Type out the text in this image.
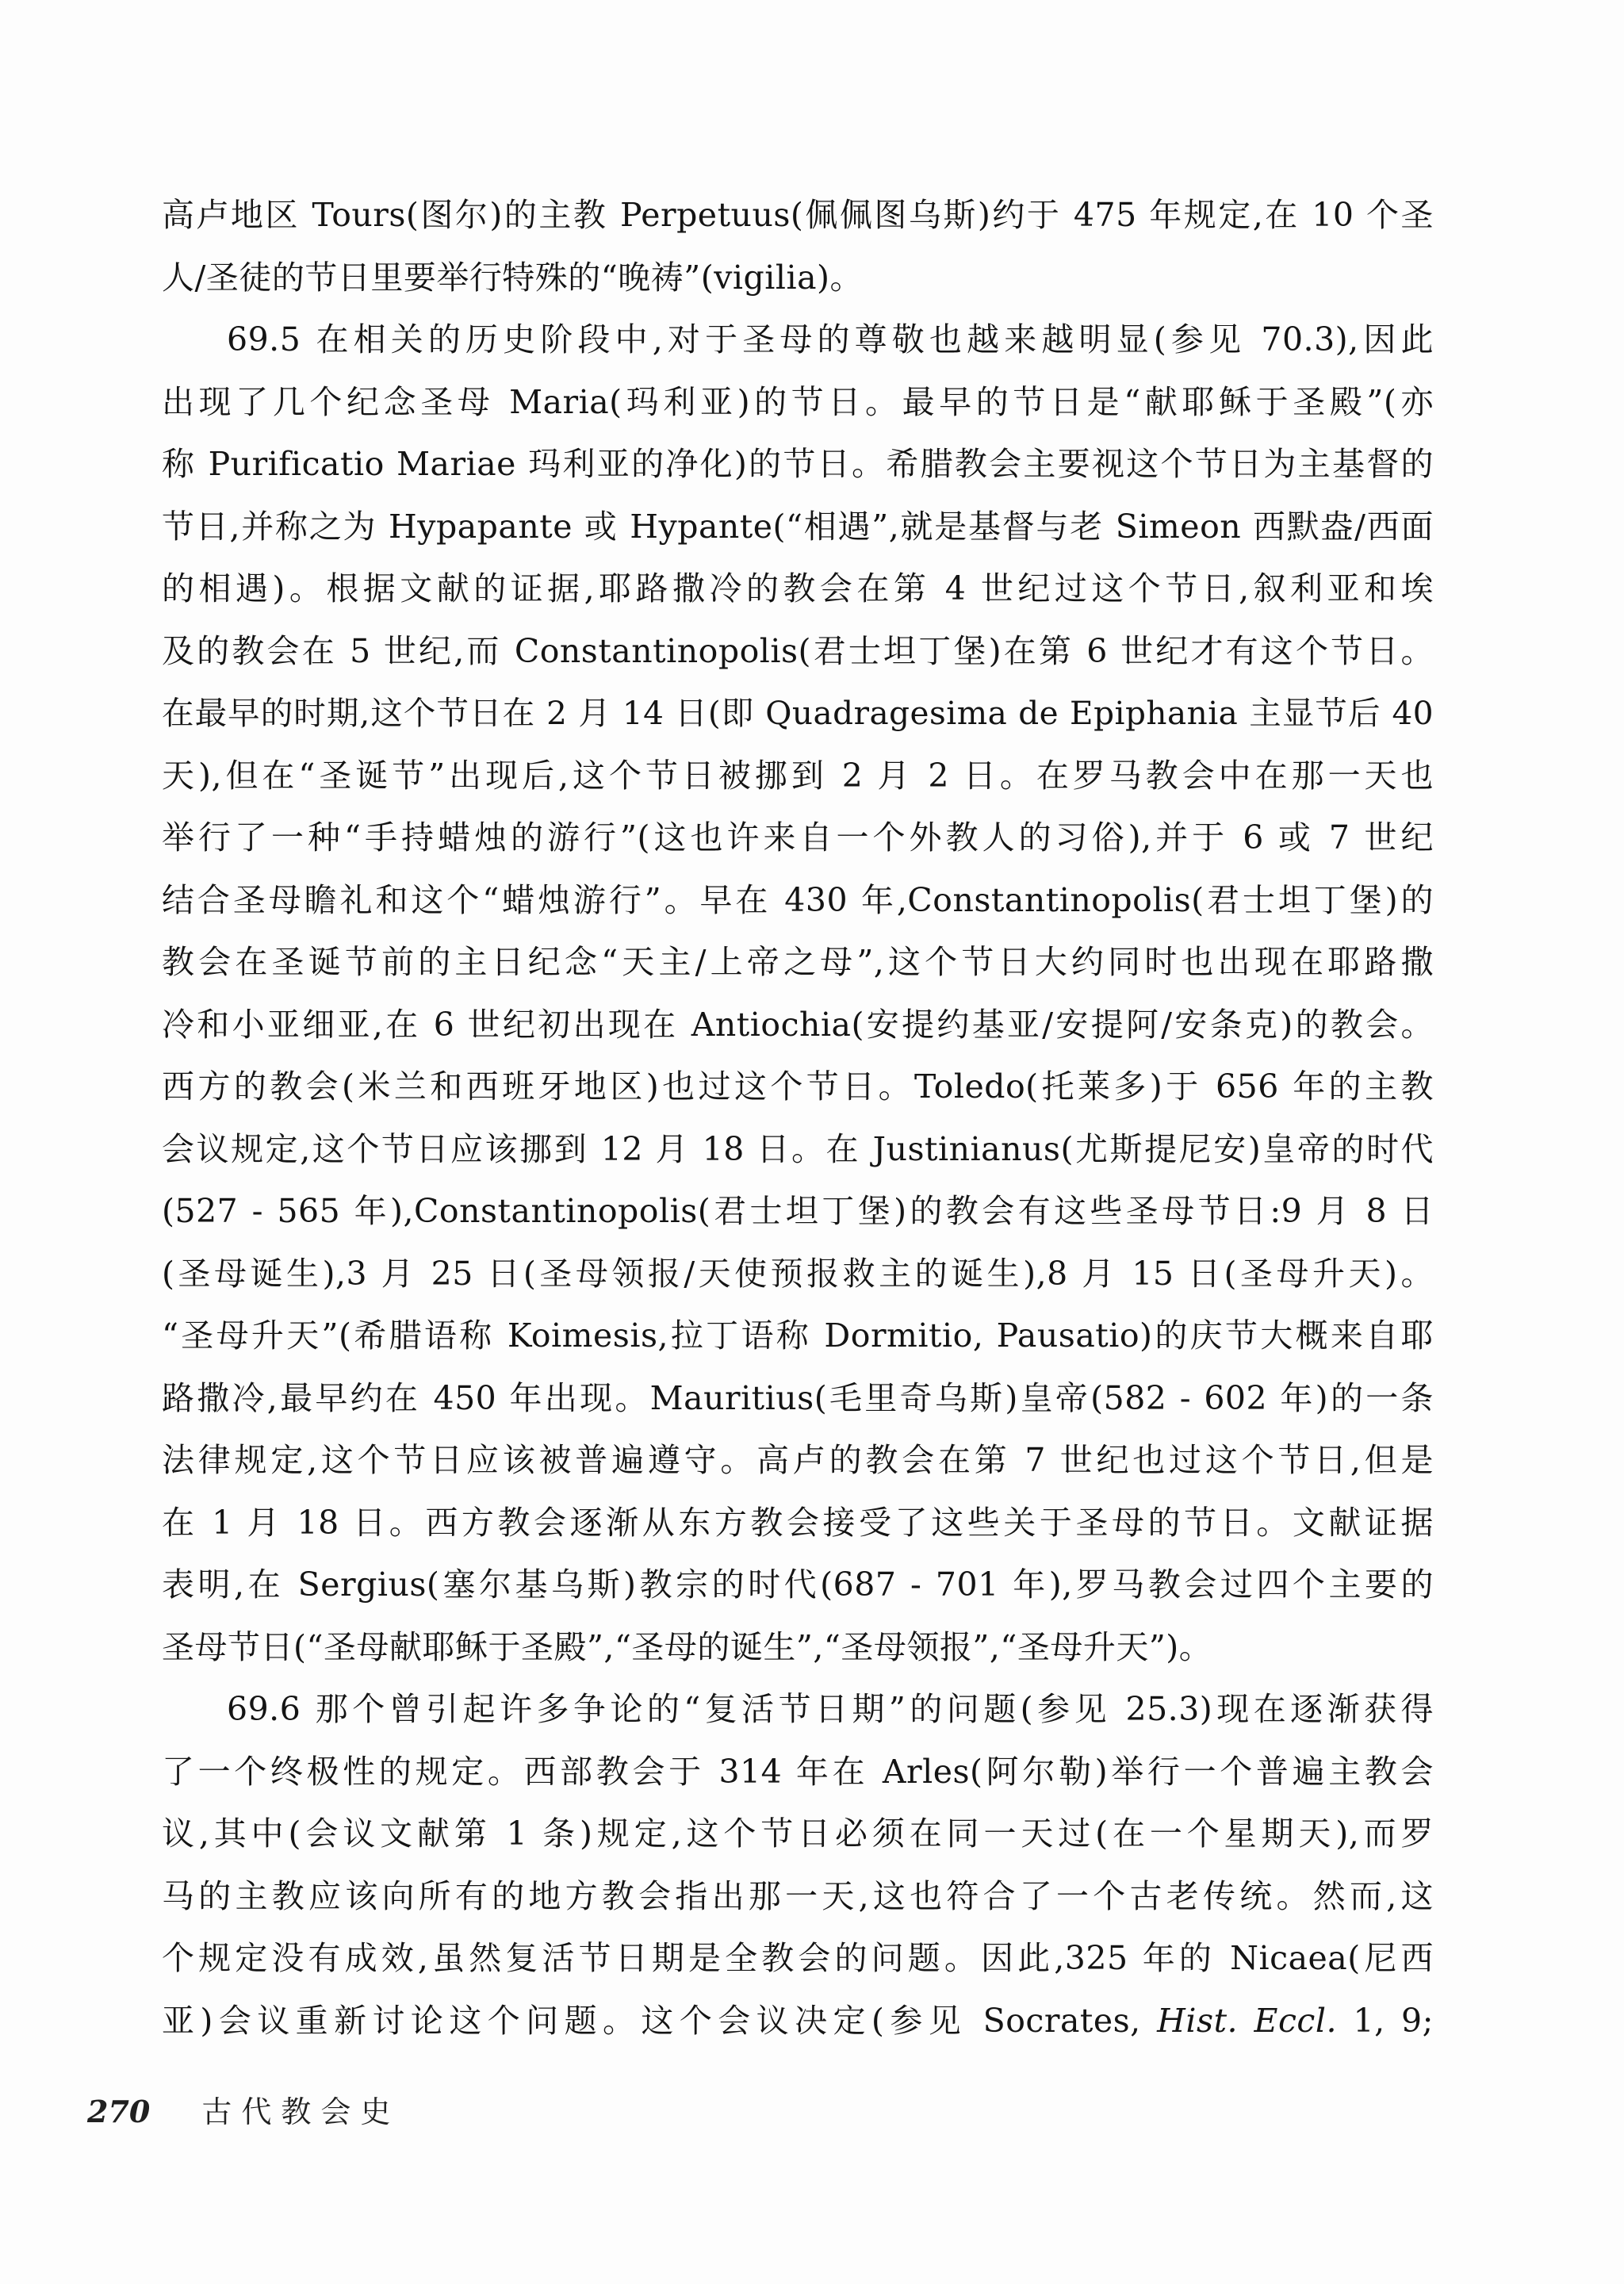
高卢地区 Tours(图尔)的主教 Perpetuus(佩佩图乌斯)约于 475 年规定,在 10 个圣
人/圣徒的节日里要举行特殊的“晚祷”(vigilia)。
69.5 在相关的历史阶段中,对于圣母的尊敬也越来越明显(参见 70.3),因此
出现了几个纪念圣母 Maria(玛利亚)的节日。最早的节日是“献耶稣于圣殿”(亦
称 Purificatio Mariae 玛利亚的净化)的节日。希腊教会主要视这个节日为主基督的
节日,并称之为 Hypapante 或 Hypante(“相遇”,就是基督与老 Simeon 西默盎/西面
的相遇)。根据文献的证据,耶路撒冷的教会在第 4 世纪过这个节日,叙利亚和埃
及的教会在 5 世纪,而 Constantinopolis(君士坦丁堡)在第 6 世纪才有这个节日。
在最早的时期,这个节日在 2 月 14 日(即 Quadragesima de Epiphania 主显节后 40
天),但在“圣诞节”出现后,这个节日被挪到 2 月 2 日。在罗马教会中在那一天也
举行了一种“手持蜡烛的游行”(这也许来自一个外教人的习俗),并于 6 或 7 世纪
结合圣母瞻礼和这个“蜡烛游行”。早在 430 年,Constantinopolis(君士坦丁堡)的
教会在圣诞节前的主日纪念“天主/上帝之母”,这个节日大约同时也出现在耶路撒
冷和小亚细亚,在 6 世纪初出现在 Antiochia(安提约基亚/安提阿/安条克)的教会。
西方的教会(米兰和西班牙地区)也过这个节日。Toledo(托莱多)于 656 年的主教
会议规定,这个节日应该挪到 12 月 18 日。在 Justinianus(尤斯提尼安)皇帝的时代
(527 - 565 年),Constantinopolis(君士坦丁堡)的教会有这些圣母节日:9 月 8 日
(圣母诞生),3 月 25 日(圣母领报/天使预报救主的诞生),8 月 15 日(圣母升天)。
“圣母升天”(希腊语称 Koimesis,拉丁语称 Dormitio, Pausatio)的庆节大概来自耶
路撒冷,最早约在 450 年出现。Mauritius(毛里奇乌斯)皇帝(582 - 602 年)的一条
法律规定,这个节日应该被普遍遵守。高卢的教会在第 7 世纪也过这个节日,但是
在 1 月 18 日。西方教会逐渐从东方教会接受了这些关于圣母的节日。文献证据
表明,在 Sergius(塞尔基乌斯)教宗的时代(687 - 701 年),罗马教会过四个主要的
圣母节日(“圣母献耶稣于圣殿”,“圣母的诞生”,“圣母领报”,“圣母升天”)。
69.6 那个曾引起许多争论的“复活节日期”的问题(参见 25.3)现在逐渐获得
了一个终极性的规定。西部教会于 314 年在 Arles(阿尔勒)举行一个普遍主教会
议,其中(会议文献第 1 条)规定,这个节日必须在同一天过(在一个星期天),而罗
马的主教应该向所有的地方教会指出那一天,这也符合了一个古老传统。然而,这
个规定没有成效,虽然复活节日期是全教会的问题。因此,325 年的 Nicaea(尼西
亚)会议重新讨论这个问题。这个会议决定(参见 Socrates, Hist. Eccl. 1, 9;
270 古代教会史
